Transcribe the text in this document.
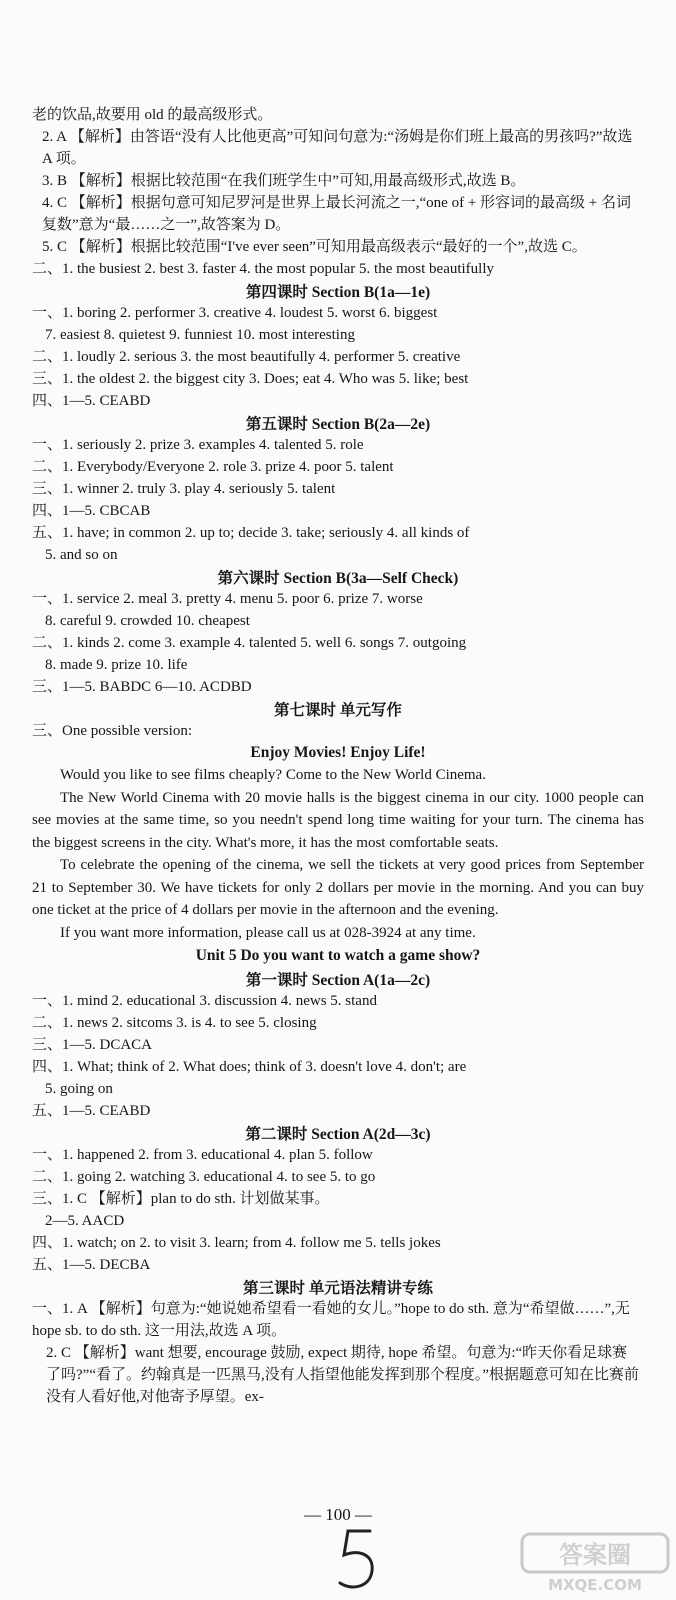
老的饮品,故要用 old 的最高级形式。
2. A 【解析】由答语“没有人比他更高”可知问句意为:“汤姆是你们班上最高的男孩吗?”故选 A 项。
3. B 【解析】根据比较范围“在我们班学生中”可知,用最高级形式,故选 B。
4. C 【解析】根据句意可知尼罗河是世界上最长河流之一,“one of + 形容词的最高级 + 名词复数”意为“最……之一”,故答案为 D。
5. C 【解析】根据比较范围“I've ever seen”可知用最高级表示“最好的一个”,故选 C。
二、1. the busiest 2. best 3. faster 4. the most popular 5. the most beautifully
第四课时 Section B(1a—1e)
一、1. boring 2. performer 3. creative 4. loudest 5. worst 6. biggest
7. easiest 8. quietest 9. funniest 10. most interesting
二、1. loudly 2. serious 3. the most beautifully 4. performer 5. creative
三、1. the oldest 2. the biggest city 3. Does; eat 4. Who was 5. like; best
四、1—5. CEABD
第五课时 Section B(2a—2e)
一、1. seriously 2. prize 3. examples 4. talented 5. role
二、1. Everybody/Everyone 2. role 3. prize 4. poor 5. talent
三、1. winner 2. truly 3. play 4. seriously 5. talent
四、1—5. CBCAB
五、1. have; in common 2. up to; decide 3. take; seriously 4. all kinds of
5. and so on
第六课时 Section B(3a—Self Check)
一、1. service 2. meal 3. pretty 4. menu 5. poor 6. prize 7. worse
8. careful 9. crowded 10. cheapest
二、1. kinds 2. come 3. example 4. talented 5. well 6. songs 7. outgoing
8. made 9. prize 10. life
三、1—5. BABDC 6—10. ACDBD
第七课时 单元写作
三、One possible version:
Enjoy Movies! Enjoy Life!
Would you like to see films cheaply? Come to the New World Cinema.
The New World Cinema with 20 movie halls is the biggest cinema in our city. 1000 people can see movies at the same time, so you needn't spend long time waiting for your turn. The cinema has the biggest screens in the city. What's more, it has the most comfortable seats.
To celebrate the opening of the cinema, we sell the tickets at very good prices from September 21 to September 30. We have tickets for only 2 dollars per movie in the morning. And you can buy one ticket at the price of 4 dollars per movie in the afternoon and the evening.
If you want more information, please call us at 028-3924 at any time.
Unit 5 Do you want to watch a game show?
第一课时 Section A(1a—2c)
一、1. mind 2. educational 3. discussion 4. news 5. stand
二、1. news 2. sitcoms 3. is 4. to see 5. closing
三、1—5. DCACA
四、1. What; think of 2. What does; think of 3. doesn't love 4. don't; are
5. going on
五、1—5. CEABD
第二课时 Section A(2d—3c)
一、1. happened 2. from 3. educational 4. plan 5. follow
二、1. going 2. watching 3. educational 4. to see 5. to go
三、1. C 【解析】plan to do sth. 计划做某事。
2—5. AACD
四、1. watch; on 2. to visit 3. learn; from 4. follow me 5. tells jokes
五、1—5. DECBA
第三课时 单元语法精讲专练
一、1. A 【解析】句意为:“她说她希望看一看她的女儿。”hope to do sth. 意为“希望做……”,无 hope sb. to do sth. 这一用法,故选 A 项。
2. C 【解析】want 想要, encourage 鼓励, expect 期待, hope 希望。句意为:“昨天你看足球赛了吗?”“看了。约翰真是一匹黑马,没有人指望他能发挥到那个程度。”根据题意可知在比赛前没有人看好他,对他寄予厚望。ex-
— 100 —
答案圈
MXQE.COM
